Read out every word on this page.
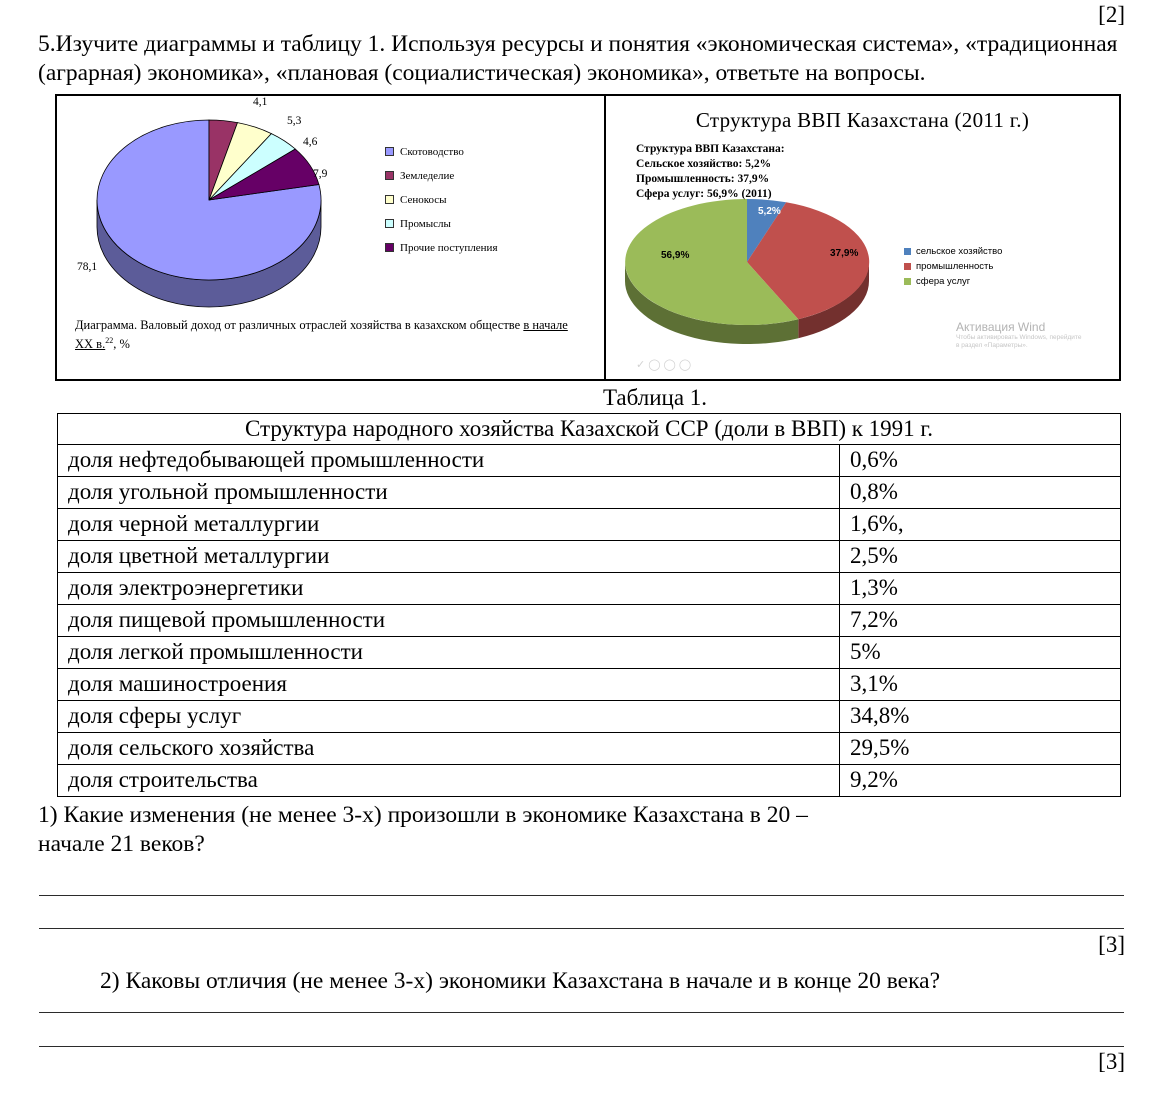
[2]

5.Изучите диаграммы и таблицу 1. Используя ресурсы и понятия «экономическая система», «традиционная (аграрная) экономика», «плановая (социалистическая) экономика», ответьте на вопросы.

4,1
5,3
4,6
7,9
78,1
Скотоводство
Земледелие
Сенокосы
Промыслы
Прочие поступления
Диаграмма. Валовый доход от различных отраслей хозяйства в казахском обществе в начале
XX в.$^{22}$, %
Структура ВВП Казахстана (2011 г.)
Структура ВВП Казахстана:
Сельское хозяйство: 5,2%
Промышленность: 37,9%
Сфера услуг: 56,9% (2011)
5,2%
37,9%
56,9%	сельское хозяйство
промышленность
сфера услуг
Активация Wind
Чтобы активировать Windows, перейдите
в раздел «Параметры».
✓◯◯◯
Таблица 1.
Структура народного хозяйства Казахской ССР (доли в ВВП) к 1991 г.	
доля нефтедобывающей промышленности	0,6%
доля угольной промышленности	0,8%
доля черной металлургии	1,6%,
доля цветной металлургии	2,5%
доля электроэнергетики	1,3%
доля пищевой промышленности	7,2%
доля легкой промышленности	5%
доля машиностроения	3,1%
доля сферы услуг	34,8%
доля сельского хозяйства	29,5%
доля строительства	9,2%

1) Какие изменения (не менее 3-х) произошли в экономике Казахстана в 20 –
начале 21 веков?

[3]

2) Каковы отличия (не менее 3-х) экономики Казахстана в начале и в конце 20 века?

[3]
